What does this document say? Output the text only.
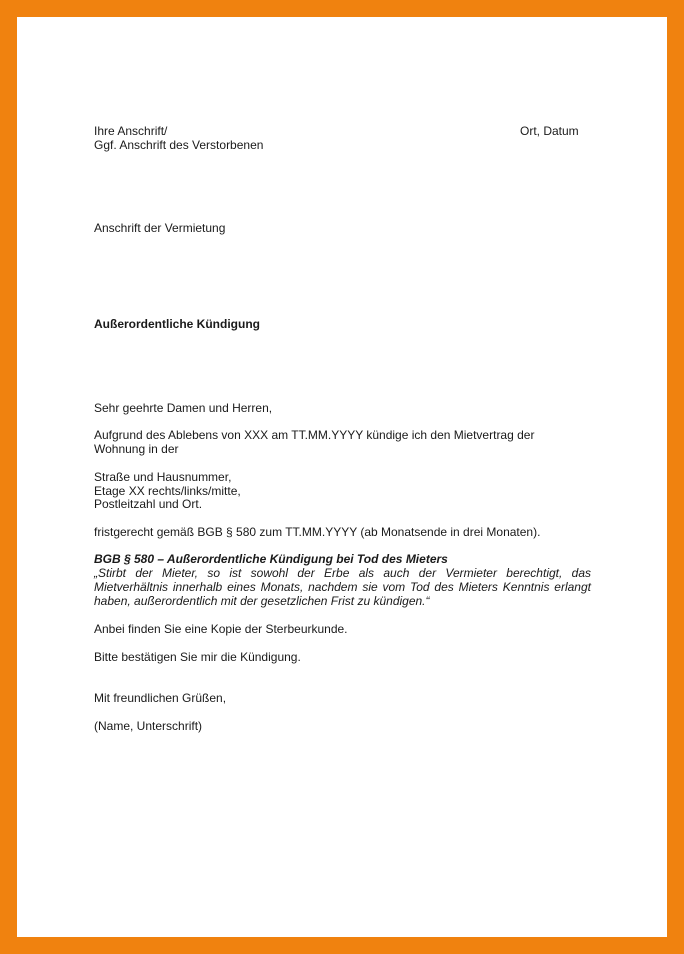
Ihre Anschrift/
Ggf. Anschrift des Verstorbenen
Ort, Datum
Anschrift der Vermietung
Außerordentliche Kündigung
Sehr geehrte Damen und Herren,
Aufgrund des Ablebens von XXX am TT.MM.YYYY kündige ich den Mietvertrag der
Wohnung in der
Straße und Hausnummer,
Etage XX rechts/links/mitte,
Postleitzahl und Ort.
fristgerecht gemäß BGB § 580 zum TT.MM.YYYY (ab Monatsende in drei Monaten).
BGB § 580 – Außerordentliche Kündigung bei Tod des Mieters
„Stirbt der Mieter, so ist sowohl der Erbe als auch der Vermieter berechtigt, das
Mietverhältnis innerhalb eines Monats, nachdem sie vom Tod des Mieters Kenntnis erlangt
haben, außerordentlich mit der gesetzlichen Frist zu kündigen.“
Anbei finden Sie eine Kopie der Sterbeurkunde.
Bitte bestätigen Sie mir die Kündigung.
Mit freundlichen Grüßen,
(Name, Unterschrift)
